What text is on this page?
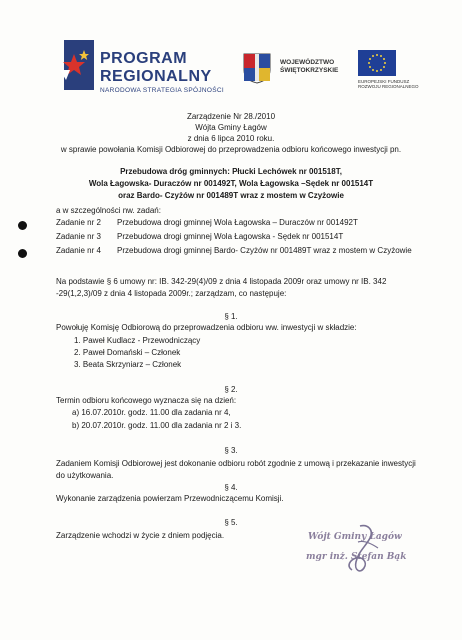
PROGRAM
REGIONALNY
NARODOWA STRATEGIA SPÓJNOŚCI
WOJEWÓDZTWO
ŚWIĘTOKRZYSKIE
EUROPEJSKI FUNDUSZ
ROZWOJU REGIONALNEGO
Zarządzenie Nr 28./2010
Wójta Gminy Łagów
z dnia 6 lipca 2010 roku.
w sprawie powołania Komisji Odbiorowej do przeprowadzenia odbioru końcowego inwestycji pn.
Przebudowa dróg gminnych: Płucki Lechówek nr 001518T,
Wola Łagowska- Duraczów nr 001492T, Wola Łagowska –Sędek nr 001514T
oraz Bardo- Czyżów nr 001489T wraz z mostem w Czyżowie
a w szczególności nw. zadań:
Zadanie nr 2 Przebudowa drogi gminnej Wola Łagowska – Duraczów nr 001492T
Zadanie nr 3 Przebudowa drogi gminnej Wola Łagowska - Sędek nr 001514T
Zadanie nr 4 Przebudowa drogi gminnej Bardo- Czyżów nr 001489T wraz z mostem w Czyżowie
Na podstawie § 6 umowy nr: IB. 342-29(4)/09 z dnia 4 listopada 2009r oraz umowy nr IB. 342
-29(1,2,3)/09 z dnia 4 listopada 2009r.; zarządzam, co następuje:
§ 1.
Powołuję Komisję Odbiorową do przeprowadzenia odbioru ww. inwestycji w składzie:
1. Paweł Kudlacz - Przewodniczący
2. Paweł Domański – Członek
3. Beata Skrzyniarz – Członek
§ 2.
Termin odbioru końcowego wyznacza się na dzień:
a) 16.07.2010r. godz. 11.00 dla zadania nr 4,
b) 20.07.2010r. godz. 11.00 dla zadania nr 2 i 3.
§ 3.
Zadaniem Komisji Odbiorowej jest dokonanie odbioru robót zgodnie z umową i przekazanie inwestycji
do użytkowania.
§ 4.
Wykonanie zarządzenia powierzam Przewodniczącemu Komisji.
§ 5.
Zarządzenie wchodzi w życie z dniem podjęcia.	Wójt Gminy Łagów
mgr inż. Stefan Bąk
